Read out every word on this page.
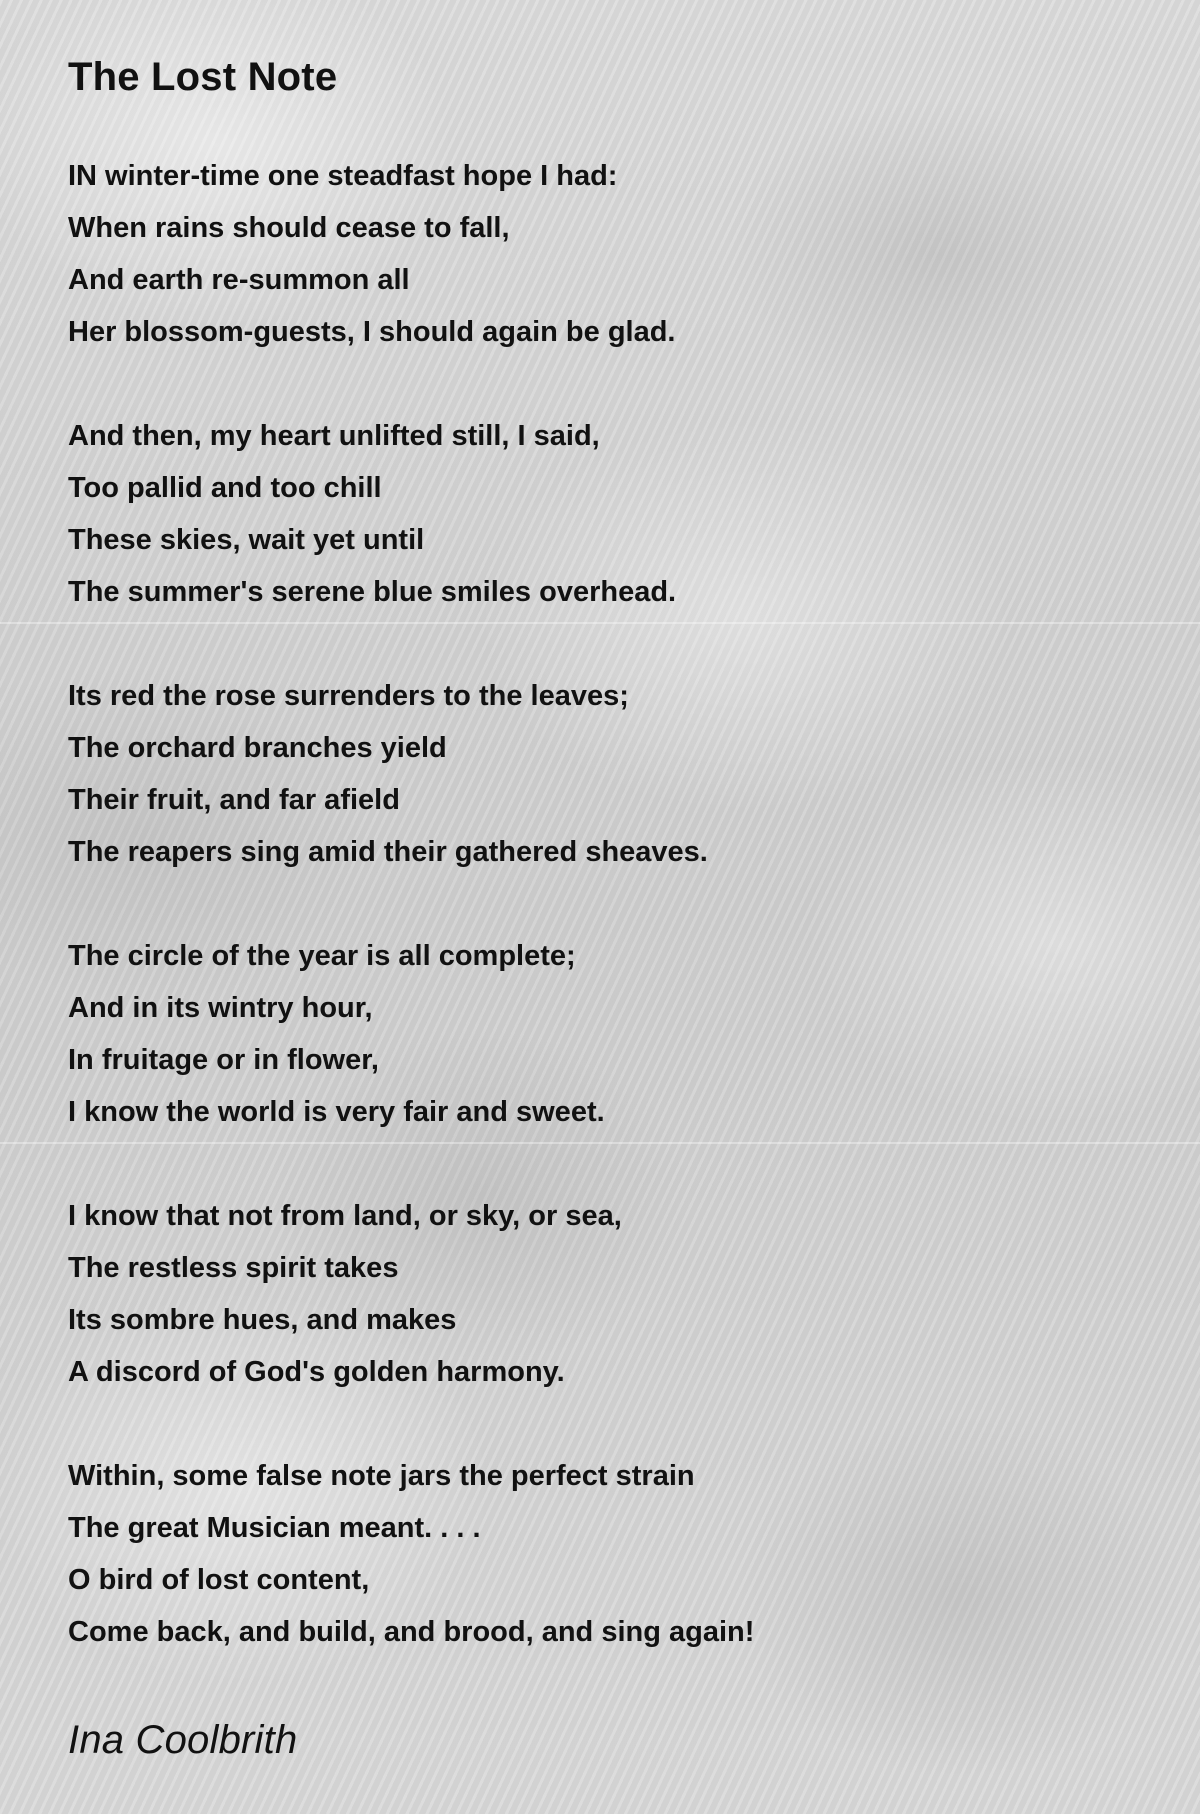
The Lost Note
IN winter-time one steadfast hope I had:
When rains should cease to fall,
And earth re-summon all
Her blossom-guests, I should again be glad.
And then, my heart unlifted still, I said,
Too pallid and too chill
These skies, wait yet until
The summer's serene blue smiles overhead.
Its red the rose surrenders to the leaves;
The orchard branches yield
Their fruit, and far afield
The reapers sing amid their gathered sheaves.
The circle of the year is all complete;
And in its wintry hour,
In fruitage or in flower,
I know the world is very fair and sweet.
I know that not from land, or sky, or sea,
The restless spirit takes
Its sombre hues, and makes
A discord of God's golden harmony.
Within, some false note jars the perfect strain
The great Musician meant. . . .
O bird of lost content,
Come back, and build, and brood, and sing again!
Ina Coolbrith
